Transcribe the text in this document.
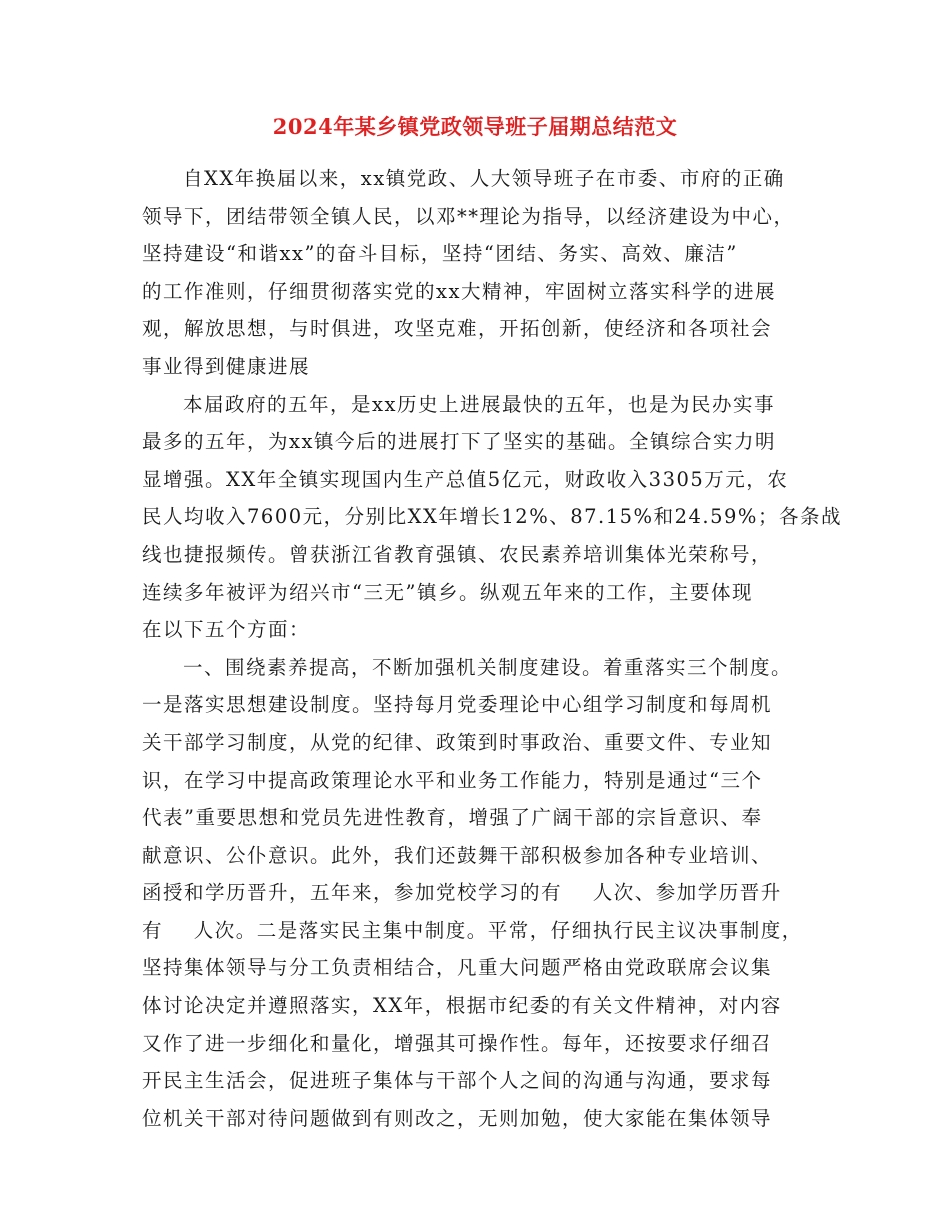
2024年某乡镇党政领导班子届期总结范文
自XX年换届以来，xx镇党政、人大领导班子在市委、市府的正确
领导下，团结带领全镇人民，以邓**理论为指导，以经济建设为中心，
坚持建设“和谐xx”的奋斗目标，坚持“团结、务实、高效、廉洁”
的工作准则，仔细贯彻落实党的xx大精神，牢固树立落实科学的进展
观，解放思想，与时俱进，攻坚克难，开拓创新，使经济和各项社会
事业得到健康进展
本届政府的五年，是xx历史上进展最快的五年，也是为民办实事
最多的五年，为xx镇今后的进展打下了坚实的基础。全镇综合实力明
显增强。XX年全镇实现国内生产总值5亿元，财政收入3305万元，农
民人均收入7600元，分别比XX年增长12%、87.15%和24.59%；各条战
线也捷报频传。曾获浙江省教育强镇、农民素养培训集体光荣称号，
连续多年被评为绍兴市“三无”镇乡。纵观五年来的工作，主要体现
在以下五个方面：
一、围绕素养提高，不断加强机关制度建设。着重落实三个制度。
一是落实思想建设制度。坚持每月党委理论中心组学习制度和每周机
关干部学习制度，从党的纪律、政策到时事政治、重要文件、专业知
识，在学习中提高政策理论水平和业务工作能力，特别是通过“三个
代表”重要思想和党员先进性教育，增强了广阔干部的宗旨意识、奉
献意识、公仆意识。此外，我们还鼓舞干部积极参加各种专业培训、
函授和学历晋升，五年来，参加党校学习的有    人次、参加学历晋升
有    人次。二是落实民主集中制度。平常，仔细执行民主议决事制度，
坚持集体领导与分工负责相结合，凡重大问题严格由党政联席会议集
体讨论决定并遵照落实，XX年，根据市纪委的有关文件精神，对内容
又作了进一步细化和量化，增强其可操作性。每年，还按要求仔细召
开民主生活会，促进班子集体与干部个人之间的沟通与沟通，要求每
位机关干部对待问题做到有则改之，无则加勉，使大家能在集体领导
